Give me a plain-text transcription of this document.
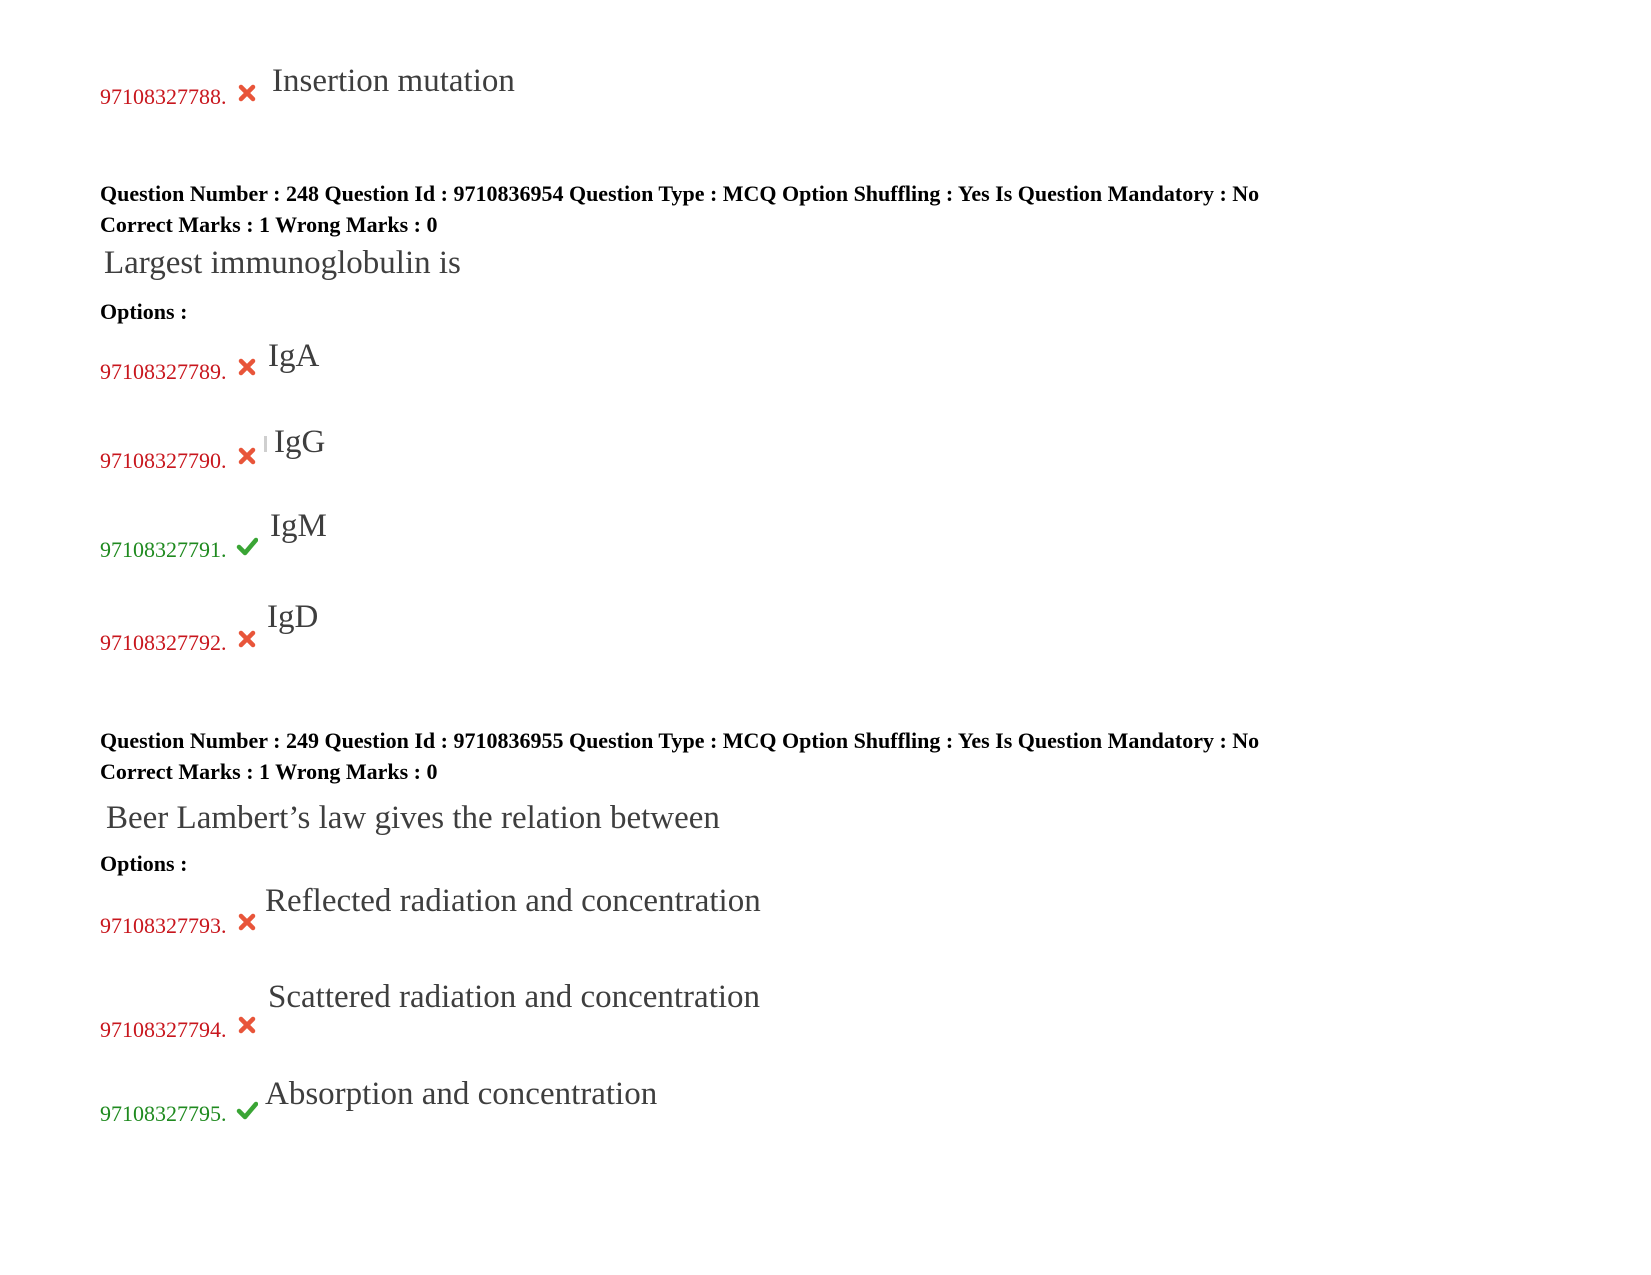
97108327788. Insertion mutation
Question Number : 248 Question Id : 9710836954 Question Type : MCQ Option Shuffling : Yes Is Question Mandatory : No
Correct Marks : 1 Wrong Marks : 0
Largest immunoglobulin is
Options :
97108327789. IgA
97108327790.
IgG
97108327791.
IgM
97108327792.
IgD
Question Number : 249 Question Id : 9710836955 Question Type : MCQ Option Shuffling : Yes Is Question Mandatory : No
Correct Marks : 1 Wrong Marks : 0
Beer Lambert’s law gives the relation between
Options :
97108327793.
Reflected radiation and concentration
97108327794.
Scattered radiation and concentration
97108327795.
Absorption and concentration
